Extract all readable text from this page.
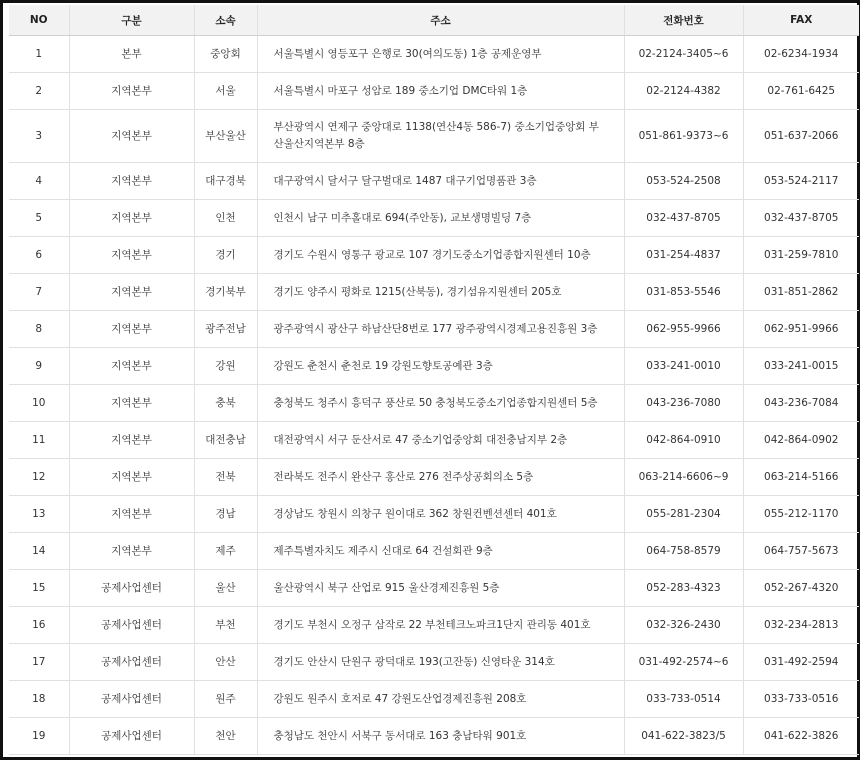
NO	구분	소속	주소	전화번호	FAX
1	본부	중앙회	서울특별시 영등포구 은행로 30(여의도동) 1층 공제운영부	02-2124-3405~6	02-6234-1934
2	지역본부	서울	서울특별시 마포구 성암로 189 중소기업 DMC타워 1층	02-2124-4382	02-761-6425
3	지역본부	부산울산	부산광역시 연제구 중앙대로 1138(연산4동 586-7) 중소기업중앙회 부산울산지역본부 8층	051-861-9373~6	051-637-2066
4	지역본부	대구경북	대구광역시 달서구 달구벌대로 1487 대구기업명품관 3층	053-524-2508	053-524-2117
5	지역본부	인천	인천시 남구 미추홀대로 694(주안동), 교보생명빌딩 7층	032-437-8705	032-437-8705
6	지역본부	경기	경기도 수원시 영통구 광교로 107 경기도중소기업종합지원센터 10층	031-254-4837	031-259-7810
7	지역본부	경기북부	경기도 양주시 평화로 1215(산북동), 경기섬유지원센터 205호	031-853-5546	031-851-2862
8	지역본부	광주전남	광주광역시 광산구 하남산단8번로 177 광주광역시경제고용진흥원 3층	062-955-9966	062-951-9966
9	지역본부	강원	강원도 춘천시 춘천로 19 강원도향토공예관 3층	033-241-0010	033-241-0015
10	지역본부	충북	충청북도 청주시 흥덕구 풍산로 50 충청북도중소기업종합지원센터 5층	043-236-7080	043-236-7084
11	지역본부	대전충남	대전광역시 서구 둔산서로 47 중소기업중앙회 대전충남지부 2층	042-864-0910	042-864-0902
12	지역본부	전북	전라북도 전주시 완산구 홍산로 276 전주상공회의소 5층	063-214-6606~9	063-214-5166
13	지역본부	경남	경상남도 창원시 의창구 원이대로 362 창원컨벤션센터 401호	055-281-2304	055-212-1170
14	지역본부	제주	제주특별자치도 제주시 신대로 64 건설회관 9층	064-758-8579	064-757-5673
15	공제사업센터	울산	울산광역시 북구 산업로 915 울산경제진흥원 5층	052-283-4323	052-267-4320
16	공제사업센터	부천	경기도 부천시 오정구 삼작로 22 부천테크노파크1단지 관리동 401호	032-326-2430	032-234-2813
17	공제사업센터	안산	경기도 안산시 단원구 광덕대로 193(고잔동) 신영타운 314호	031-492-2574~6	031-492-2594
18	공제사업센터	원주	강원도 원주시 호저로 47 강원도산업경제진흥원 208호	033-733-0514	033-733-0516
19	공제사업센터	천안	충청남도 천안시 서북구 동서대로 163 충남타워 901호	041-622-3823/5	041-622-3826
